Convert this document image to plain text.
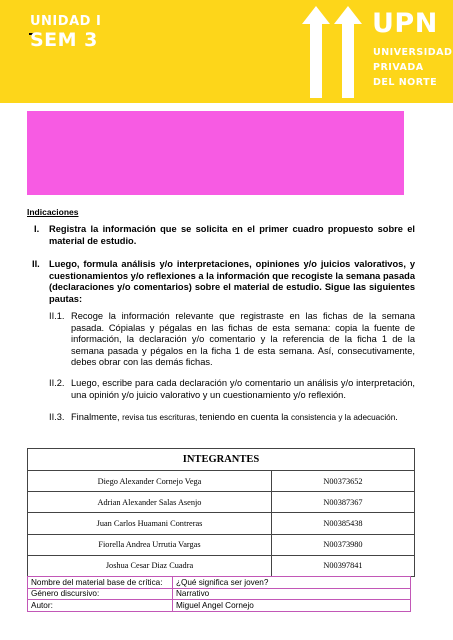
UNIDAD I
SEM 3
UPN
UNIVERSIDAD
PRIVADA
DEL NORTE
Indicaciones
I. Registra la información que se solicita en el primer cuadro propuesto sobre el material de estudio.
II. Luego, formula análisis y/o interpretaciones, opiniones y/o juicios valorativos, y cuestionamientos y/o reflexiones a la información que recogiste la semana pasada (declaraciones y/o comentarios) sobre el material de estudio. Sigue las siguientes pautas:
II.1. Recoge la información relevante que registraste en las fichas de la semana pasada. Cópialas y pégalas en las fichas de esta semana: copia la fuente de información, la declaración y/o comentario y la referencia de la ficha 1 de la semana pasada y pégalos en la ficha 1 de esta semana. Así, consecutivamente, debes obrar con las demás fichas.
II.2. Luego, escribe para cada declaración y/o comentario un análisis y/o interpretación, una opinión y/o juicio valorativo y un cuestionamiento y/o reflexión.
II.3. Finalmente, revisa tus escrituras, teniendo en cuenta la consistencia y la adecuación.
INTEGRANTES	
Diego Alexander Cornejo Vega	N00373652
Adrian Alexander Salas Asenjo	N00387367
Juan Carlos Huamani Contreras	N00385438
Fiorella Andrea Urrutia Vargas	N00373980
Joshua Cesar Diaz Cuadra	N00397841
Nombre del material base de crítica:	¿Qué significa ser joven?
Género discursivo:	Narrativo
Autor:	Miguel Angel Cornejo
